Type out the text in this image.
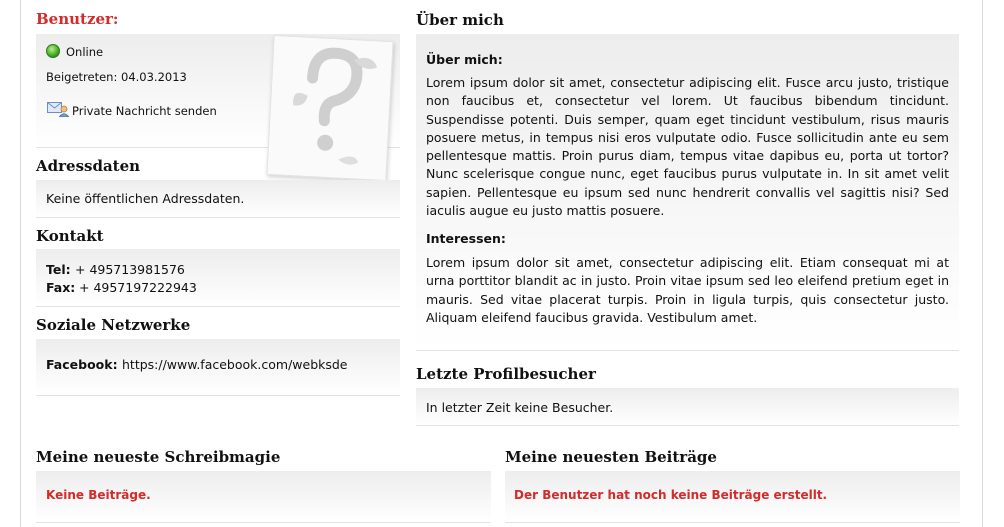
Benutzer:
Online
Beigetreten: 04.03.2013
Private Nachricht senden
Adressdaten
Keine öffentlichen Adressdaten.
Kontakt
Tel: + 495713981576
Fax: + 4957197222943
Soziale Netzwerke
Facebook: https://www.facebook.com/webksde
Über mich
Über mich:

Lorem ipsum dolor sit amet, consectetur adipiscing elit. Fusce arcu justo, tristique non faucibus et, consectetur vel lorem. Ut faucibus bibendum tincidunt. Suspendisse potenti. Duis semper, quam eget tincidunt vestibulum, risus mauris posuere metus, in tempus nisi eros vulputate odio. Fusce sollicitudin ante eu sem pellentesque mattis. Proin purus diam, tempus vitae dapibus eu, porta ut tortor? Nunc scelerisque congue nunc, eget faucibus purus vulputate in. In sit amet velit sapien. Pellentesque eu ipsum sed nunc hendrerit convallis vel sagittis nisi? Sed iaculis augue eu justo mattis posuere.

Interessen:

Lorem ipsum dolor sit amet, consectetur adipiscing elit. Etiam consequat mi at urna porttitor blandit ac in justo. Proin vitae ipsum sed leo eleifend pretium eget in mauris. Sed vitae placerat turpis. Proin in ligula turpis, quis consectetur justo. Aliquam eleifend faucibus gravida. Vestibulum amet.

Letzte Profilbesucher
In letzter Zeit keine Besucher.
Meine neueste Schreibmagie
Keine Beiträge.
Meine neuesten Beiträge
Der Benutzer hat noch keine Beiträge erstellt.
